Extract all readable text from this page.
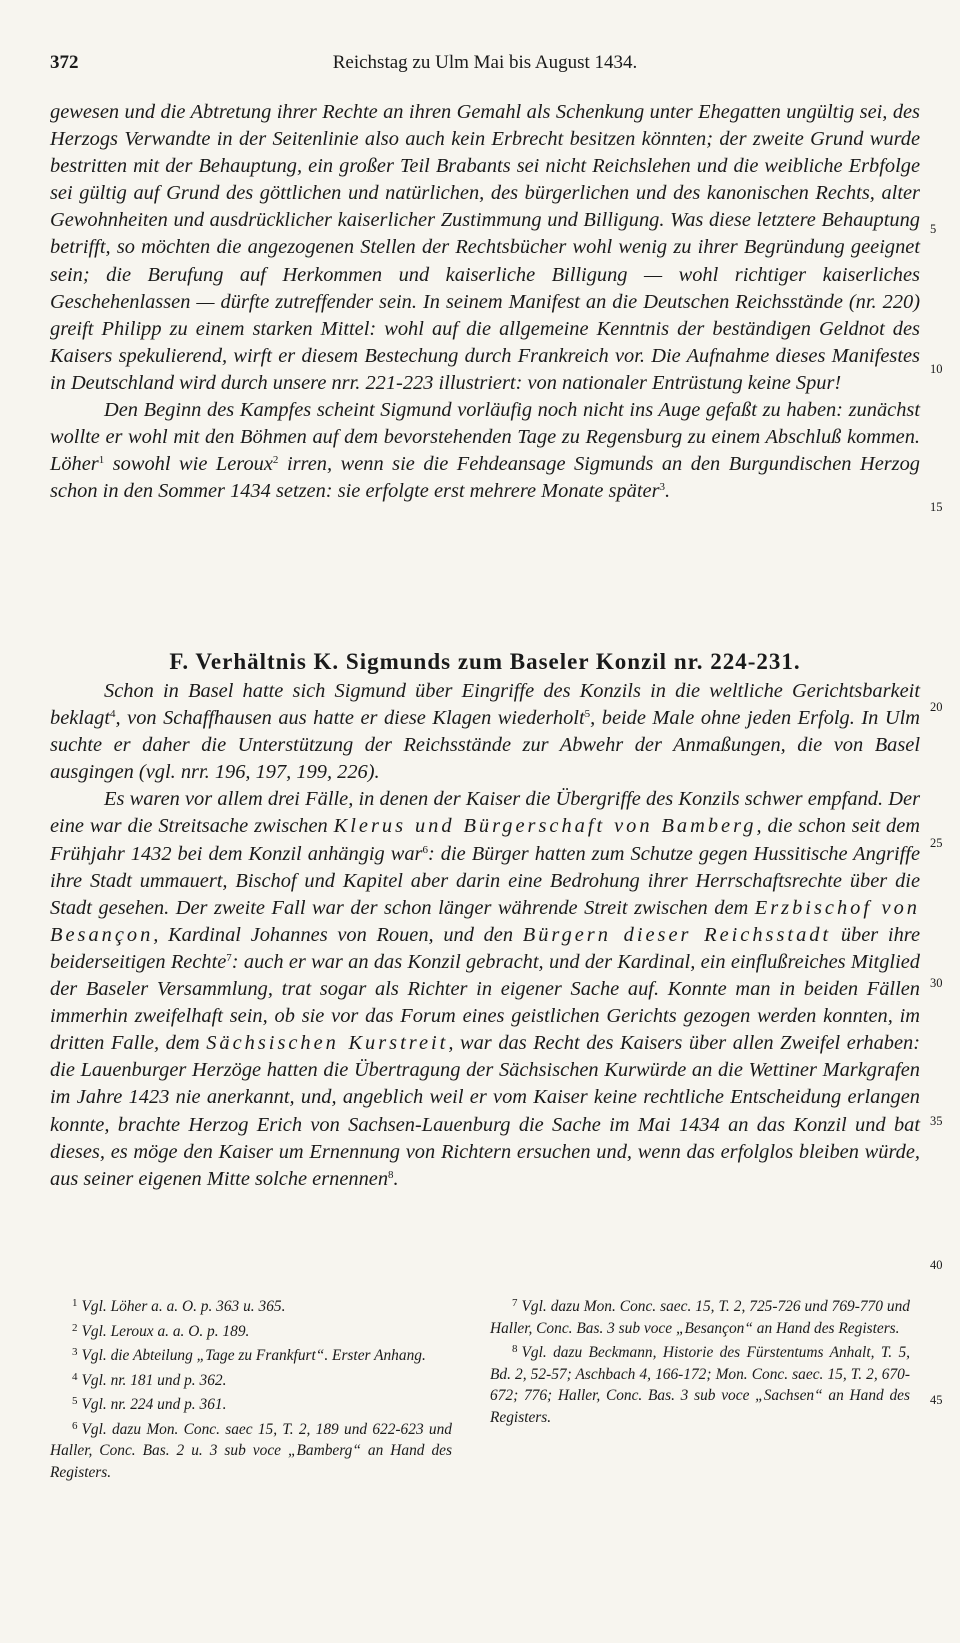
372	Reichstag zu Ulm Mai bis August 1434.

gewesen und die Abtretung ihrer Rechte an ihren Gemahl als Schenkung unter Ehegatten ungültig sei, des Herzogs Verwandte in der Seitenlinie also auch kein Erbrecht besitzen könnten; der zweite Grund wurde bestritten mit der Behauptung, ein großer Teil Brabants sei nicht Reichslehen und die weibliche Erbfolge sei gültig auf Grund des göttlichen und natürlichen, des bürgerlichen und des kanonischen Rechts, alter Gewohnheiten und ausdrücklicher kaiserlicher Zustimmung und Billigung. Was diese letztere Behauptung betrifft, so möchten die angezogenen Stellen der Rechtsbücher wohl wenig zu ihrer Begründung geeignet sein; die Berufung auf Herkommen und kaiserliche Billigung — wohl richtiger kaiserliches Geschehenlassen — dürfte zutreffender sein. In seinem Manifest an die Deutschen Reichsstände (nr. 220) greift Philipp zu einem starken Mittel: wohl auf die allgemeine Kenntnis der beständigen Geldnot des Kaisers spekulierend, wirft er diesem Bestechung durch Frankreich vor. Die Aufnahme dieses Manifestes in Deutschland wird durch unsere nrr. 221-223 illustriert: von nationaler Entrüstung keine Spur!

Den Beginn des Kampfes scheint Sigmund vorläufig noch nicht ins Auge gefaßt zu haben: zunächst wollte er wohl mit den Böhmen auf dem bevorstehenden Tage zu Regensburg zu einem Abschluß kommen. Löher$^1$ sowohl wie Leroux$^2$ irren, wenn sie die Fehdeansage Sigmunds an den Burgundischen Herzog schon in den Sommer 1434 setzen: sie erfolgte erst mehrere Monate später$^3$.

F. Verhältnis K. Sigmunds zum Baseler Konzil nr. 224-231.

Schon in Basel hatte sich Sigmund über Eingriffe des Konzils in die weltliche Gerichtsbarkeit beklagt$^4$, von Schaffhausen aus hatte er diese Klagen wiederholt$^5$, beide Male ohne jeden Erfolg. In Ulm suchte er daher die Unterstützung der Reichsstände zur Abwehr der Anmaßungen, die von Basel ausgingen (vgl. nrr. 196, 197, 199, 226).

Es waren vor allem drei Fälle, in denen der Kaiser die Übergriffe des Konzils schwer empfand. Der eine war die Streitsache zwischen Klerus und Bürgerschaft von Bamberg, die schon seit dem Frühjahr 1432 bei dem Konzil anhängig war$^6$: die Bürger hatten zum Schutze gegen Hussitische Angriffe ihre Stadt ummauert, Bischof und Kapitel aber darin eine Bedrohung ihrer Herrschaftsrechte über die Stadt gesehen. Der zweite Fall war der schon länger währende Streit zwischen dem Erzbischof von Besançon, Kardinal Johannes von Rouen, und den Bürgern dieser Reichsstadt über ihre beiderseitigen Rechte$^7$: auch er war an das Konzil gebracht, und der Kardinal, ein einflußreiches Mitglied der Baseler Versammlung, trat sogar als Richter in eigener Sache auf. Konnte man in beiden Fällen immerhin zweifelhaft sein, ob sie vor das Forum eines geistlichen Gerichts gezogen werden konnten, im dritten Falle, dem Sächsischen Kurstreit, war das Recht des Kaisers über allen Zweifel erhaben: die Lauenburger Herzöge hatten die Übertragung der Sächsischen Kurwürde an die Wettiner Markgrafen im Jahre 1423 nie anerkannt, und, angeblich weil er vom Kaiser keine rechtliche Entscheidung erlangen konnte, brachte Herzog Erich von Sachsen-Lauenburg die Sache im Mai 1434 an das Konzil und bat dieses, es möge den Kaiser um Ernennung von Richtern ersuchen und, wenn das erfolglos bleiben würde, aus seiner eigenen Mitte solche ernennen$^8$.

5
10
15
20
25
30
35
40
45

$^1$ Vgl. Löher a. a. O. p. 363 u. 365.

$^2$ Vgl. Leroux a. a. O. p. 189.

$^3$ Vgl. die Abteilung „Tage zu Frankfurt“. Erster Anhang.

$^4$ Vgl. nr. 181 und p. 362.

$^5$ Vgl. nr. 224 und p. 361.

$^6$ Vgl. dazu Mon. Conc. saec 15, T. 2, 189 und 622-623 und Haller, Conc. Bas. 2 u. 3 sub voce „Bamberg“ an Hand des Registers.

$^7$ Vgl. dazu Mon. Conc. saec. 15, T. 2, 725-726 und 769-770 und Haller, Conc. Bas. 3 sub voce „Besançon“ an Hand des Registers.

$^8$ Vgl. dazu Beckmann, Historie des Fürstentums Anhalt, T. 5, Bd. 2, 52-57; Aschbach 4, 166-172; Mon. Conc. saec. 15, T. 2, 670-672; 776; Haller, Conc. Bas. 3 sub voce „Sachsen“ an Hand des Registers.
